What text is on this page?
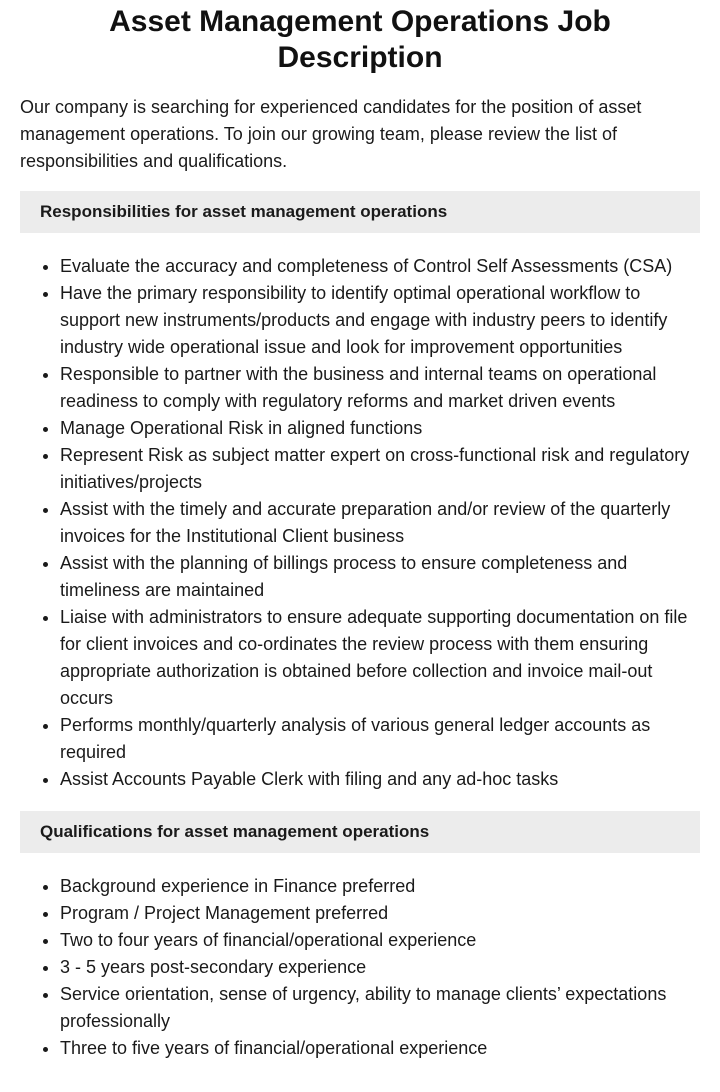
Asset Management Operations Job Description

Our company is searching for experienced candidates for the position of asset management operations. To join our growing team, please review the list of responsibilities and qualifications.

Responsibilities for asset management operations
• Evaluate the accuracy and completeness of Control Self Assessments (CSA)
• Have the primary responsibility to identify optimal operational workflow to support new instruments/products and engage with industry peers to identify industry wide operational issue and look for improvement opportunities
• Responsible to partner with the business and internal teams on operational readiness to comply with regulatory reforms and market driven events
• Manage Operational Risk in aligned functions
• Represent Risk as subject matter expert on cross-functional risk and regulatory initiatives/projects
• Assist with the timely and accurate preparation and/or review of the quarterly invoices for the Institutional Client business
• Assist with the planning of billings process to ensure completeness and timeliness are maintained
• Liaise with administrators to ensure adequate supporting documentation on file for client invoices and co-ordinates the review process with them ensuring appropriate authorization is obtained before collection and invoice mail-out occurs
• Performs monthly/quarterly analysis of various general ledger accounts as required
• Assist Accounts Payable Clerk with filing and any ad-hoc tasks
Qualifications for asset management operations
• Background experience in Finance preferred
• Program / Project Management preferred
• Two to four years of financial/operational experience
• 3 - 5 years post-secondary experience
• Service orientation, sense of urgency, ability to manage clients’ expectations professionally
• Three to five years of financial/operational experience
